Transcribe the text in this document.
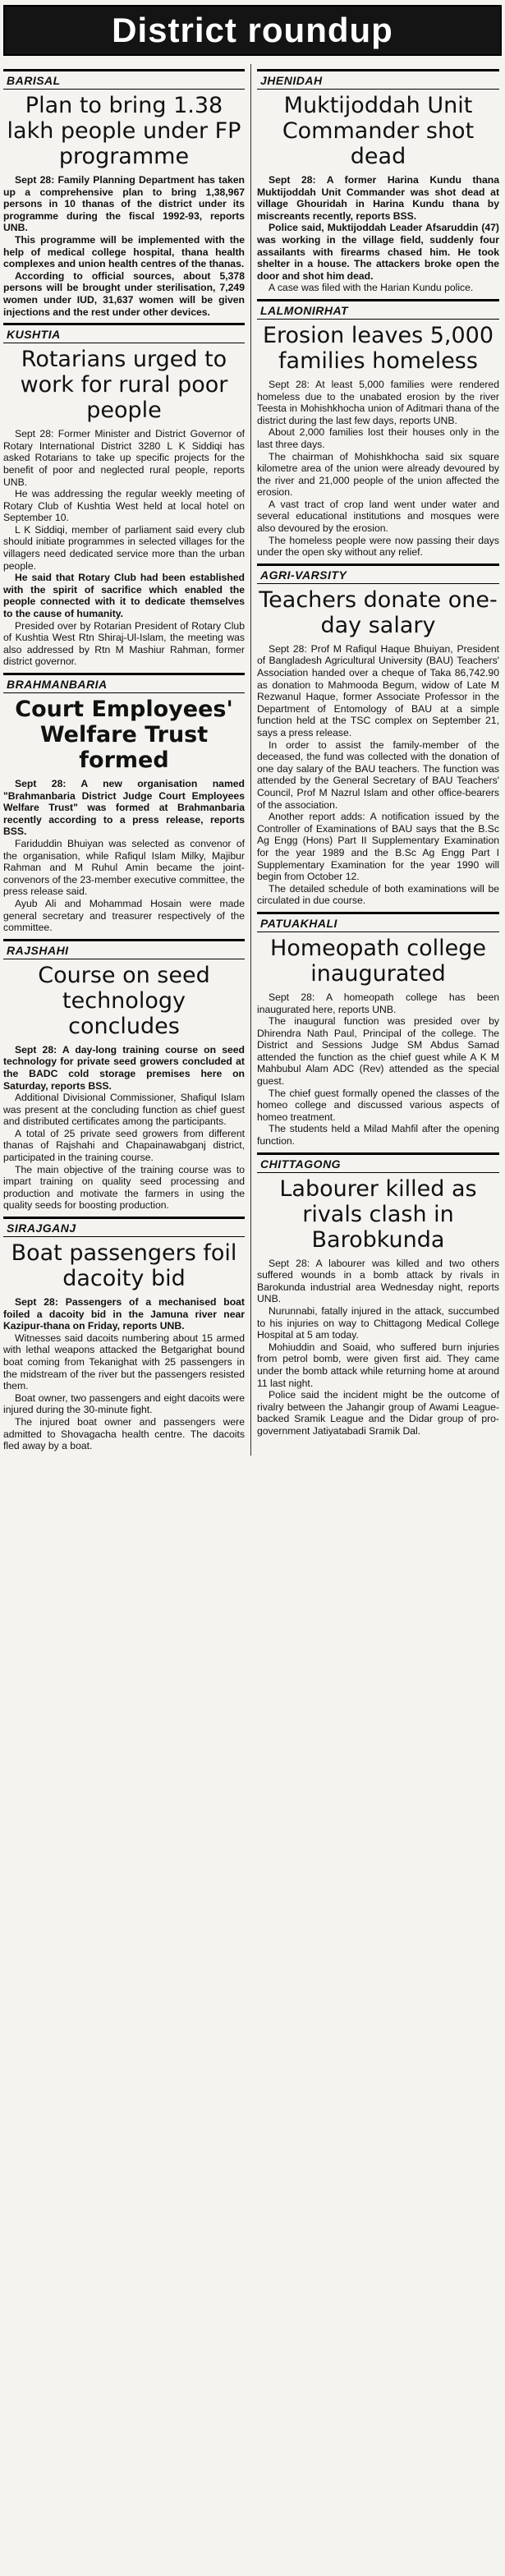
District roundup
BARISAL
Plan to bring 1.38 lakh people under FP programme

Sept 28: Family Planning Department has taken up a comprehensive plan to bring 1,38,967 persons in 10 thanas of the district under its programme during the fiscal 1992-93, reports UNB.

This programme will be implemented with the help of medical college hospital, thana health complexes and union health centres of the thanas.

According to official sources, about 5,378 persons will be brought under sterilisation, 7,249 women under IUD, 31,637 women will be given injections and the rest under other devices.

KUSHTIA
Rotarians urged to work for rural poor people

Sept 28: Former Minister and District Governor of Rotary International District 3280 L K Siddiqi has asked Rotarians to take up specific projects for the benefit of poor and neglected rural people, reports UNB.

He was addressing the regular weekly meeting of Rotary Club of Kushtia West held at local hotel on September 10.

L K Siddiqi, member of parliament said every club should initiate programmes in selected villages for the villagers need dedicated service more than the urban people.

He said that Rotary Club had been established with the spirit of sacrifice which enabled the people connected with it to dedicate themselves to the cause of humanity.

Presided over by Rotarian President of Rotary Club of Kushtia West Rtn Shiraj-Ul-Islam, the meeting was also addressed by Rtn M Mashiur Rahman, former district governor.

BRAHMANBARIA
Court Employees' Welfare Trust formed

Sept 28: A new organisation named "Brahmanbaria District Judge Court Employees Welfare Trust" was formed at Brahmanbaria recently according to a press release, reports BSS.

Fariduddin Bhuiyan was selected as convenor of the organisation, while Rafiqul Islam Milky, Majibur Rahman and M Ruhul Amin became the joint-convenors of the 23-member executive committee, the press release said.

Ayub Ali and Mohammad Hosain were made general secretary and treasurer respectively of the committee.

RAJSHAHI
Course on seed technology concludes

Sept 28: A day-long training course on seed technology for private seed growers concluded at the BADC cold storage premises here on Saturday, reports BSS.

Additional Divisional Commissioner, Shafiqul Islam was present at the concluding function as chief guest and distributed certificates among the participants.

A total of 25 private seed growers from different thanas of Rajshahi and Chapainawabganj district, participated in the training course.

The main objective of the training course was to impart training on quality seed processing and production and motivate the farmers in using the quality seeds for boosting production.

SIRAJGANJ
Boat passengers foil dacoity bid

Sept 28: Passengers of a mechanised boat foiled a dacoity bid in the Jamuna river near Kazipur-thana on Friday, reports UNB.

Witnesses said dacoits numbering about 15 armed with lethal weapons attacked the Betgarighat bound boat coming from Tekanighat with 25 passengers in the midstream of the river but the passengers resisted them.

Boat owner, two passengers and eight dacoits were injured during the 30-minute fight.

The injured boat owner and passengers were admitted to Shovagacha health centre. The dacoits fled away by a boat.

JHENIDAH
Muktijoddah Unit Commander shot dead

Sept 28: A former Harina Kundu thana Muktijoddah Unit Commander was shot dead at village Ghouridah in Harina Kundu thana by miscreants recently, reports BSS.

Police said, Muktijoddah Leader Afsaruddin (47) was working in the village field, suddenly four assailants with firearms chased him. He took shelter in a house. The attackers broke open the door and shot him dead.

A case was filed with the Harian Kundu police.

LALMONIRHAT
Erosion leaves 5,000 families homeless

Sept 28: At least 5,000 families were rendered homeless due to the unabated erosion by the river Teesta in Mohishkhocha union of Aditmari thana of the district during the last few days, reports UNB.

About 2,000 families lost their houses only in the last three days.

The chairman of Mohishkhocha said six square kilometre area of the union were already devoured by the river and 21,000 people of the union affected the erosion.

A vast tract of crop land went under water and several educational institutions and mosques were also devoured by the erosion.

The homeless people were now passing their days under the open sky without any relief.

AGRI-VARSITY
Teachers donate one-day salary

Sept 28: Prof M Rafiqul Haque Bhuiyan, President of Bangladesh Agricultural University (BAU) Teachers' Association handed over a cheque of Taka 86,742.90 as donation to Mahmooda Begum, widow of Late M Rezwanul Haque, former Associate Professor in the Department of Entomology of BAU at a simple function held at the TSC complex on September 21, says a press release.

In order to assist the family-member of the deceased, the fund was collected with the donation of one day salary of the BAU teachers. The function was attended by the General Secretary of BAU Teachers' Council, Prof M Nazrul Islam and other office-bearers of the association.

Another report adds: A notification issued by the Controller of Examinations of BAU says that the B.Sc Ag Engg (Hons) Part II Supplementary Examination for the year 1989 and the B.Sc Ag Engg Part I Supplementary Examination for the year 1990 will begin from October 12.

The detailed schedule of both examinations will be circulated in due course.

PATUAKHALI
Homeopath college inaugurated

Sept 28: A homeopath college has been inaugurated here, reports UNB.

The inaugural function was presided over by Dhirendra Nath Paul, Principal of the college. The District and Sessions Judge SM Abdus Samad attended the function as the chief guest while A K M Mahbubul Alam ADC (Rev) attended as the special guest.

The chief guest formally opened the classes of the homeo college and discussed various aspects of homeo treatment.

The students held a Milad Mahfil after the opening function.

CHITTAGONG
Labourer killed as rivals clash in Barobkunda

Sept 28: A labourer was killed and two others suffered wounds in a bomb attack by rivals in Barokunda industrial area Wednesday night, reports UNB.

Nurunnabi, fatally injured in the attack, succumbed to his injuries on way to Chittagong Medical College Hospital at 5 am today.

Mohiuddin and Soaid, who suffered burn injuries from petrol bomb, were given first aid. They came under the bomb attack while returning home at around 11 last night.

Police said the incident might be the outcome of rivalry between the Jahangir group of Awami League-backed Sramik League and the Didar group of pro-government Jatiyatabadi Sramik Dal.
